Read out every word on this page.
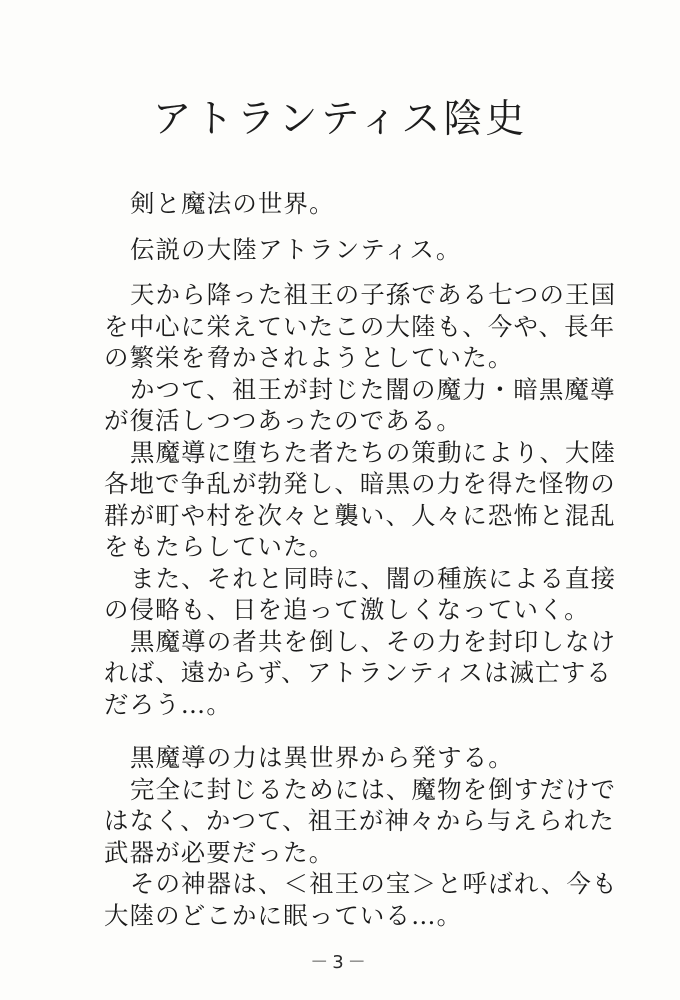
アトランティス陰史
剣と魔法の世界。
伝説の大陸アトランティス。
天から降った祖王の子孫である七つの王国
を中心に栄えていたこの大陸も、今や、長年
の繁栄を脅かされようとしていた。
かつて、祖王が封じた闇の魔力・暗黒魔導
が復活しつつあったのである。
黒魔導に堕ちた者たちの策動により、大陸
各地で争乱が勃発し、暗黒の力を得た怪物の
群が町や村を次々と襲い、人々に恐怖と混乱
をもたらしていた。
また、それと同時に、闇の種族による直接
の侵略も、日を追って激しくなっていく。
黒魔導の者共を倒し、その力を封印しなけ
れば、遠からず、アトランティスは滅亡する
だろう…。
黒魔導の力は異世界から発する。
完全に封じるためには、魔物を倒すだけで
はなく、かつて、祖王が神々から与えられた
武器が必要だった。
その神器は、＜祖王の宝＞と呼ばれ、今も
大陸のどこかに眠っている…。
－3－
